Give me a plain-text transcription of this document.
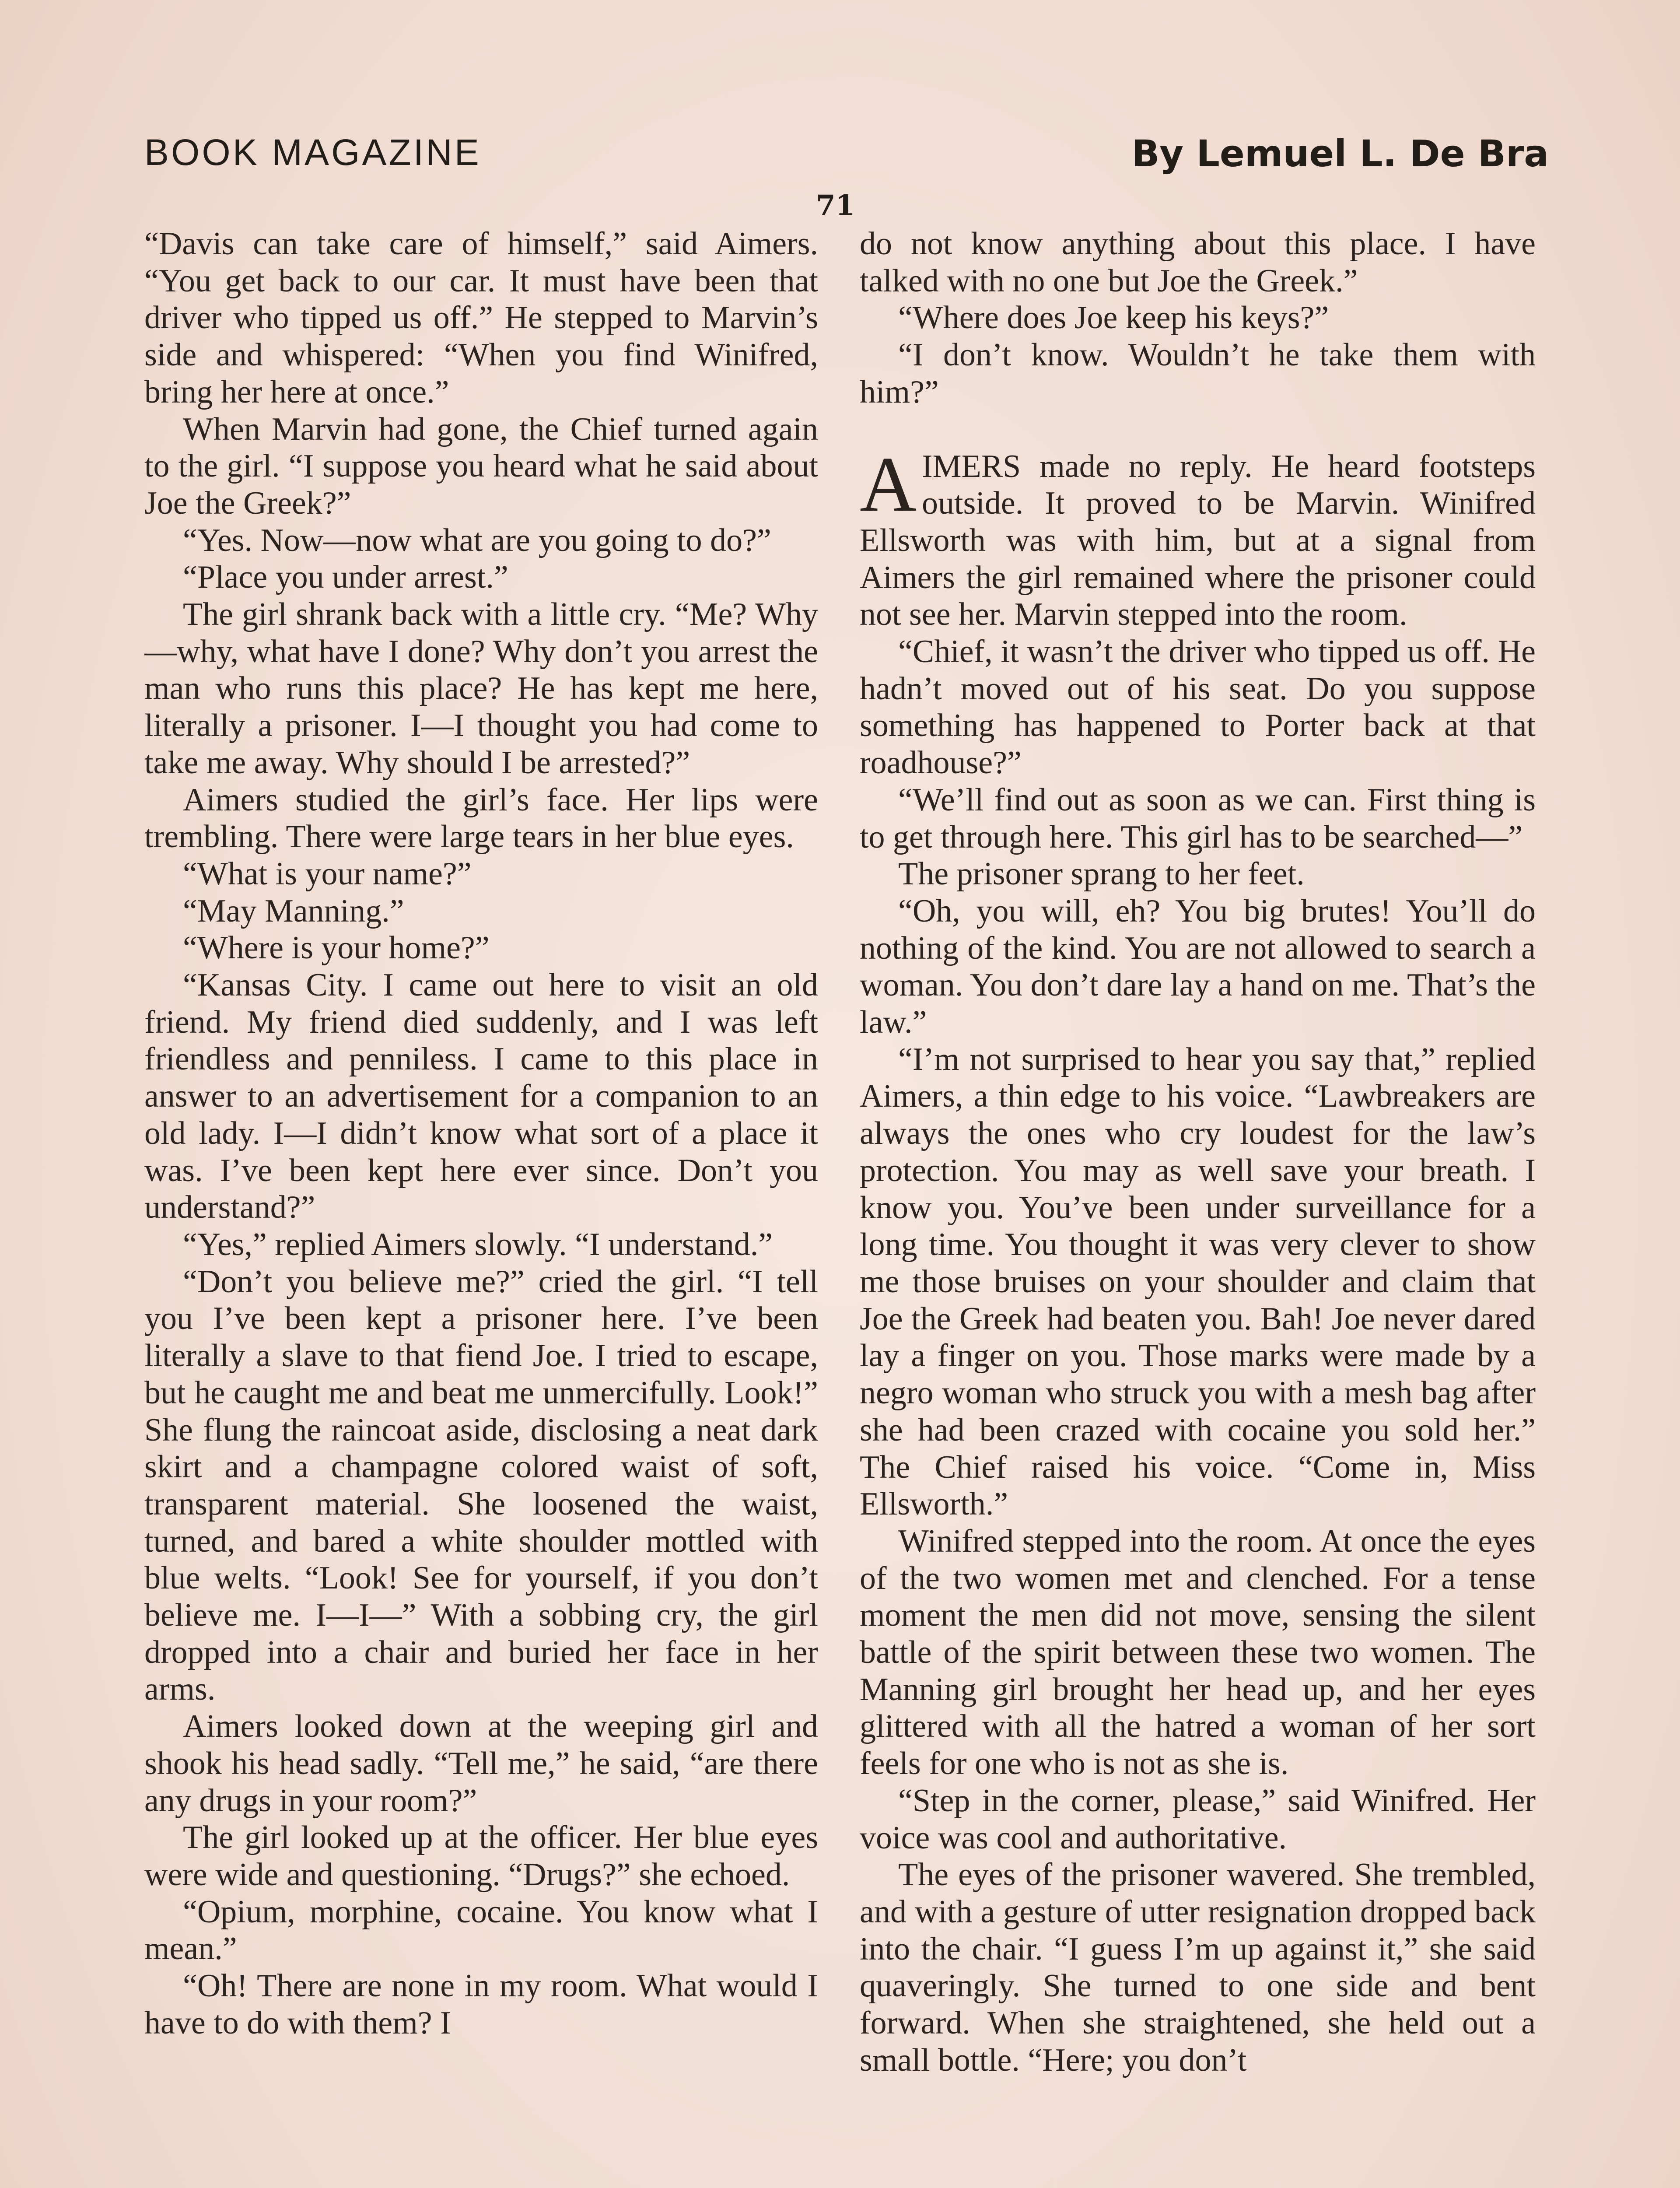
BOOK MAGAZINE	By Lemuel L. De Bra
71

“Davis can take care of himself,” said Aimers. “You get back to our car. It must have been that driver who tipped us off.” He stepped to Marvin’s side and whispered: “When you find Winifred, bring her here at once.”

When Marvin had gone, the Chief turned again to the girl. “I suppose you heard what he said about Joe the Greek?”

“Yes. Now—now what are you going to do?”

“Place you under arrest.”

The girl shrank back with a little cry. “Me? Why—why, what have I done? Why don’t you arrest the man who runs this place? He has kept me here, literally a prisoner. I—I thought you had come to take me away. Why should I be arrested?”

Aimers studied the girl’s face. Her lips were trembling. There were large tears in her blue eyes.

“What is your name?”

“May Manning.”

“Where is your home?”

“Kansas City. I came out here to visit an old friend. My friend died suddenly, and I was left friendless and penniless. I came to this place in answer to an advertisement for a companion to an old lady. I—I didn’t know what sort of a place it was. I’ve been kept here ever since. Don’t you understand?”

“Yes,” replied Aimers slowly. “I understand.”

“Don’t you believe me?” cried the girl. “I tell you I’ve been kept a prisoner here. I’ve been literally a slave to that fiend Joe. I tried to escape, but he caught me and beat me unmercifully. Look!” She flung the raincoat aside, disclosing a neat dark skirt and a champagne colored waist of soft, transparent material. She loosened the waist, turned, and bared a white shoulder mottled with blue welts. “Look! See for yourself, if you don’t believe me. I—I—” With a sobbing cry, the girl dropped into a chair and buried her face in her arms.

Aimers looked down at the weeping girl and shook his head sadly. “Tell me,” he said, “are there any drugs in your room?”

The girl looked up at the officer. Her blue eyes were wide and questioning. “Drugs?” she echoed.

“Opium, morphine, cocaine. You know what I mean.”

“Oh! There are none in my room. What would I have to do with them? I

do not know anything about this place. I have talked with no one but Joe the Greek.”

“Where does Joe keep his keys?”

“I don’t know. Wouldn’t he take them with him?”

AIMERS made no reply. He heard footsteps outside. It proved to be Marvin. Winifred Ellsworth was with him, but at a signal from Aimers the girl remained where the prisoner could not see her. Marvin stepped into the room.

“Chief, it wasn’t the driver who tipped us off. He hadn’t moved out of his seat. Do you suppose something has happened to Porter back at that roadhouse?”

“We’ll find out as soon as we can. First thing is to get through here. This girl has to be searched—”

The prisoner sprang to her feet.

“Oh, you will, eh? You big brutes! You’ll do nothing of the kind. You are not allowed to search a woman. You don’t dare lay a hand on me. That’s the law.”

“I’m not surprised to hear you say that,” replied Aimers, a thin edge to his voice. “Lawbreakers are always the ones who cry loudest for the law’s protection. You may as well save your breath. I know you. You’ve been under surveillance for a long time. You thought it was very clever to show me those bruises on your shoulder and claim that Joe the Greek had beaten you. Bah! Joe never dared lay a finger on you. Those marks were made by a negro woman who struck you with a mesh bag after she had been crazed with cocaine you sold her.” The Chief raised his voice. “Come in, Miss Ellsworth.”

Winifred stepped into the room. At once the eyes of the two women met and clenched. For a tense moment the men did not move, sensing the silent battle of the spirit between these two women. The Manning girl brought her head up, and her eyes glittered with all the hatred a woman of her sort feels for one who is not as she is.

“Step in the corner, please,” said Winifred. Her voice was cool and authoritative.

The eyes of the prisoner wavered. She trembled, and with a gesture of utter resignation dropped back into the chair. “I guess I’m up against it,” she said quaveringly. She turned to one side and bent forward. When she straightened, she held out a small bottle. “Here; you don’t
